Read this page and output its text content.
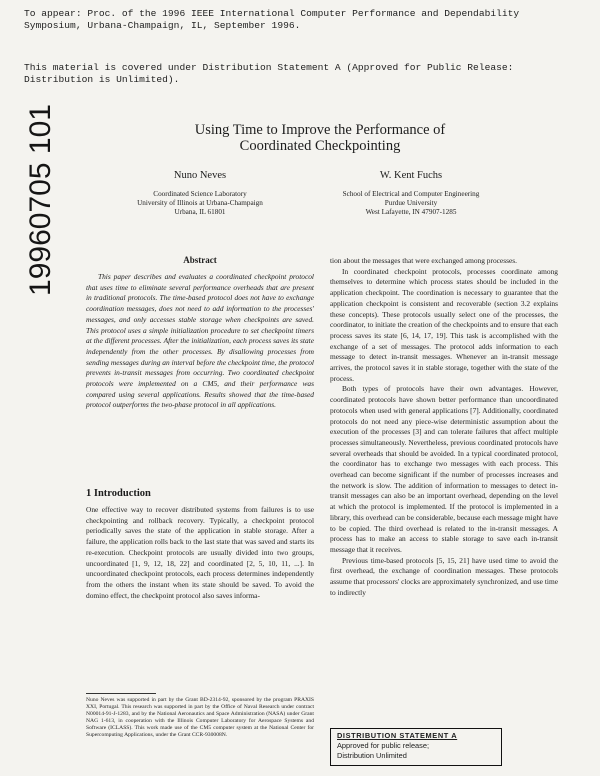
To appear: Proc. of the 1996 IEEE International Computer Performance and Dependability
Symposium, Urbana-Champaign, IL, September 1996.
This material is covered under Distribution Statement A (Approved for Public Release:
Distribution is Unlimited).
19960705 101	Using Time to Improve the Performance of
Coordinated Checkpointing
Nuno Neves
Coordinated Science Laboratory
University of Illinois at Urbana-Champaign
Urbana, IL 61801
W. Kent Fuchs
School of Electrical and Computer Engineering
Purdue University
West Lafayette, IN 47907-1285
Abstract

This paper describes and evaluates a coordinated checkpoint protocol that uses time to eliminate several performance overheads that are present in traditional protocols. The time-based protocol does not have to exchange coordination messages, does not need to add information to the processes' messages, and only accesses stable storage when checkpoints are saved. This protocol uses a simple initialization procedure to set checkpoint timers at the different processes. After the initialization, each process saves its state independently from the other processes. By disallowing processes from sending messages during an interval before the checkpoint time, the protocol prevents in-transit messages from occurring. Two coordinated checkpoint protocols were implemented on a CM5, and their performance was compared using several applications. Results showed that the time-based protocol outperforms the two-phase protocol in all applications.

1 Introduction

One effective way to recover distributed systems from failures is to use checkpointing and rollback recovery. Typically, a checkpoint protocol periodically saves the state of the application in stable storage. After a failure, the application rolls back to the last state that was saved and starts its re-execution. Checkpoint protocols are usually divided into two groups, uncoordinated [1, 9, 12, 18, 22] and coordinated [2, 5, 10, 11, ...]. In uncoordinated checkpoint protocols, each process determines independently from the others the instant when its state should be saved. To avoid the domino effect, the checkpoint protocol also saves informa-

Nuno Neves was supported in part by the Grant BD-2314-92, sponsored by the program PRAXIS XXI, Portugal. This research was supported in part by the Office of Naval Research under contract N00014-91-J-1283, and by the National Aeronautics and Space Administration (NASA) under Grant NAG 1-613, in cooperation with the Illinois Computer Laboratory for Aerospace Systems and Software (ICLASS). This work made use of the CM5 computer system at the National Center for Supercomputing Applications, under the Grant CCR-930008N.

tion about the messages that were exchanged among processes.

In coordinated checkpoint protocols, processes coordinate among themselves to determine which process states should be included in the application checkpoint. The coordination is necessary to guarantee that the application checkpoint is consistent and recoverable (section 3.2 explains these concepts). These protocols usually select one of the processes, the coordinator, to initiate the creation of the checkpoints and to ensure that each process saves its state [6, 14, 17, 19]. This task is accomplished with the exchange of a set of messages. The protocol adds information to each message to detect in-transit messages. Whenever an in-transit message arrives, the protocol saves it in stable storage, together with the state of the process.

Both types of protocols have their own advantages. However, coordinated protocols have shown better performance than uncoordinated protocols when used with general applications [7]. Additionally, coordinated protocols do not need any piece-wise deterministic assumption about the execution of the processes [3] and can tolerate failures that affect multiple processes simultaneously. Nevertheless, previous coordinated protocols have several overheads that should be avoided. In a typical coordinated protocol, the coordinator has to exchange two messages with each process. This overhead can become significant if the number of processes increases and the network is slow. The addition of information to messages to detect in-transit messages can also be an important overhead, depending on the level at which the protocol is implemented. If the protocol is implemented in a library, this overhead can be considerable, because each message might have to be copied. The third overhead is related to the in-transit messages. A process has to make an access to stable storage to save each in-transit message that it receives.

Previous time-based protocols [5, 15, 21] have used time to avoid the first overhead, the exchange of coordination messages. These protocols assume that processors' clocks are approximately synchronized, and use time to indirectly

DISTRIBUTION STATEMENT A
Approved for public release;
Distribution Unlimited
